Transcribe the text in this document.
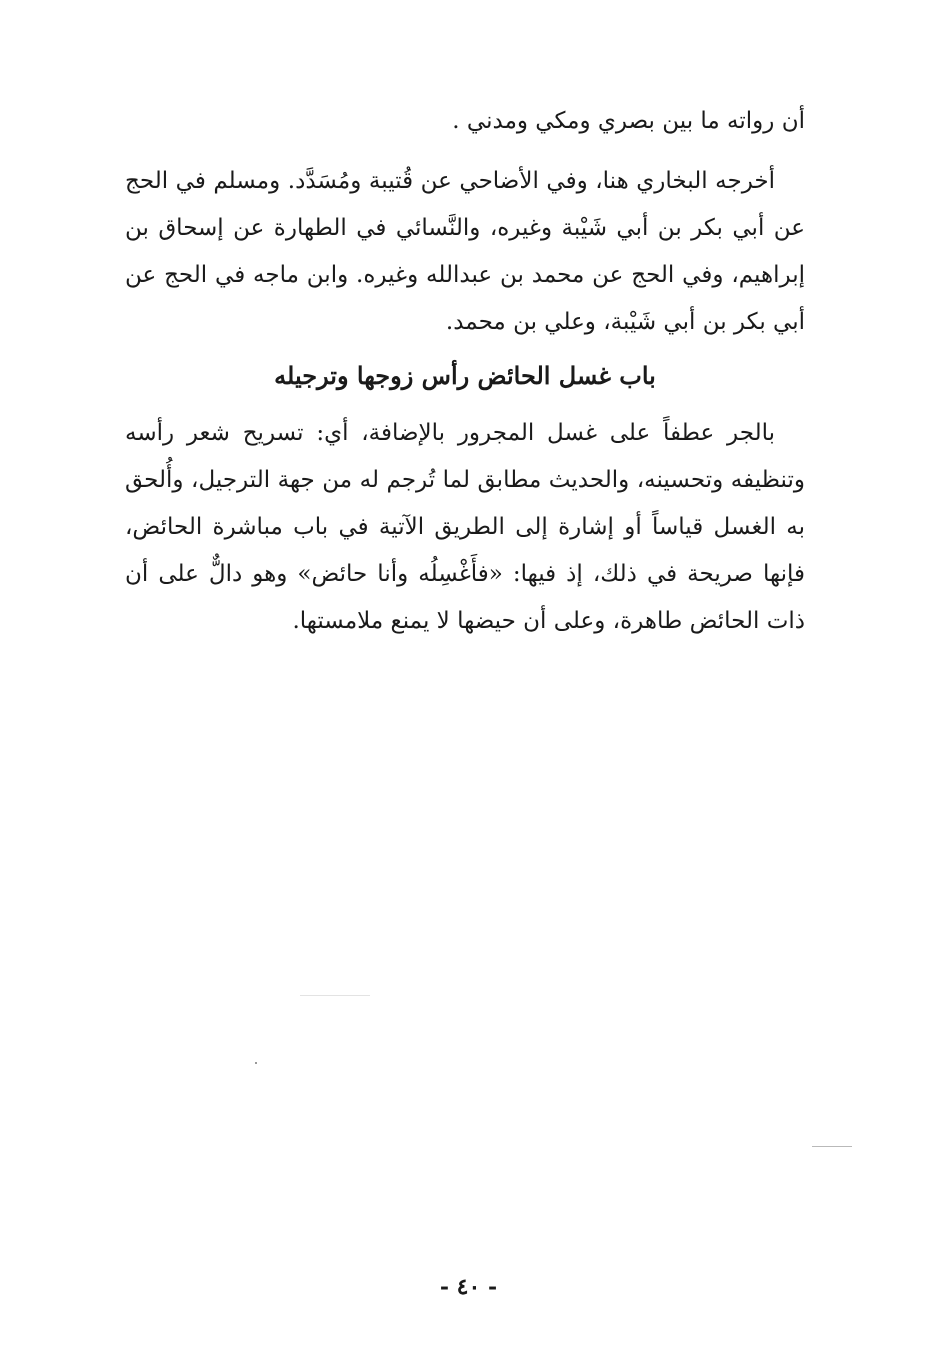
أن رواته ما بين بصري ومكي ومدني .

أخرجه البخاري هنا، وفي الأضاحي عن قُتيبة ومُسَدَّد. ومسلم في الحج عن أبي بكر بن أبي شَيْبة وغيره، والنَّسائي في الطهارة عن إسحاق بن إبراهيم، وفي الحج عن محمد بن عبدالله وغيره. وابن ماجه في الحج عن أبي بكر بن أبي شَيْبة، وعلي بن محمد.

باب غسل الحائض رأس زوجها وترجيله

بالجر عطفاً على غسل المجرور بالإضافة، أي: تسريح شعر رأسه وتنظيفه وتحسينه، والحديث مطابق لما تُرجم له من جهة الترجيل، وأُلحق به الغسل قياساً أو إشارة إلى الطريق الآتية في باب مباشرة الحائض، فإنها صريحة في ذلك، إذ فيها: «فأَغْسِلُه وأنا حائض» وهو دالٌّ على أن ذات الحائض طاهرة، وعلى أن حيضها لا يمنع ملامستها.

- ٤٠ -
